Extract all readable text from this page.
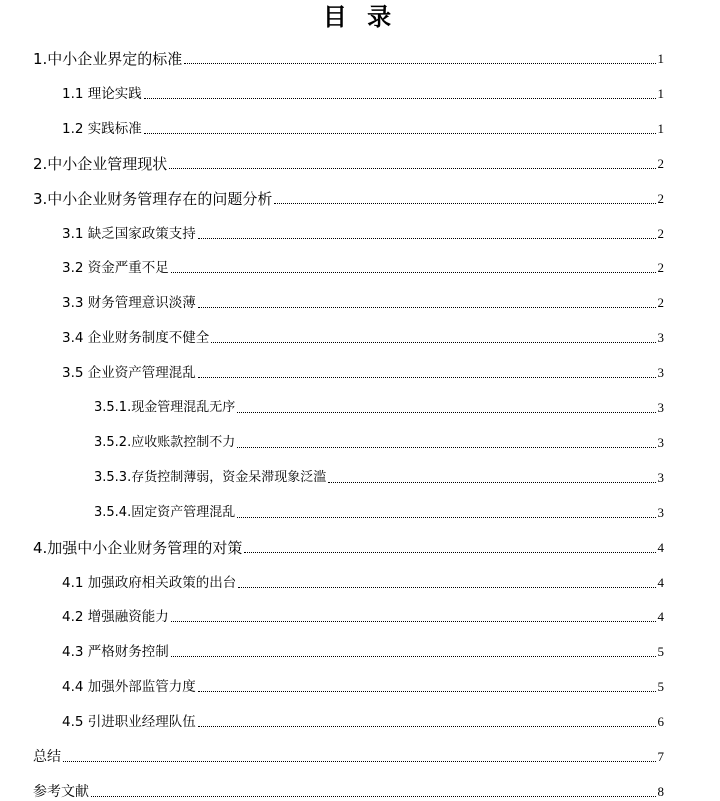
目 录
1.中小企业界定的标准	1
1.1 理论实践	1
1.2 实践标准	1
2.中小企业管理现状	2
3.中小企业财务管理存在的问题分析	2
3.1 缺乏国家政策支持	2
3.2 资金严重不足	2
3.3 财务管理意识淡薄	2
3.4 企业财务制度不健全	3
3.5 企业资产管理混乱	3
3.5.1.现金管理混乱无序	3
3.5.2.应收账款控制不力	3
3.5.3.存货控制薄弱，资金呆滞现象泛滥	3
3.5.4.固定资产管理混乱	3
4.加强中小企业财务管理的对策	4
4.1 加强政府相关政策的出台	4
4.2 增强融资能力	4
4.3 严格财务控制	5
4.4 加强外部监管力度	5
4.5 引进职业经理队伍	6
总结	7
参考文献	8
